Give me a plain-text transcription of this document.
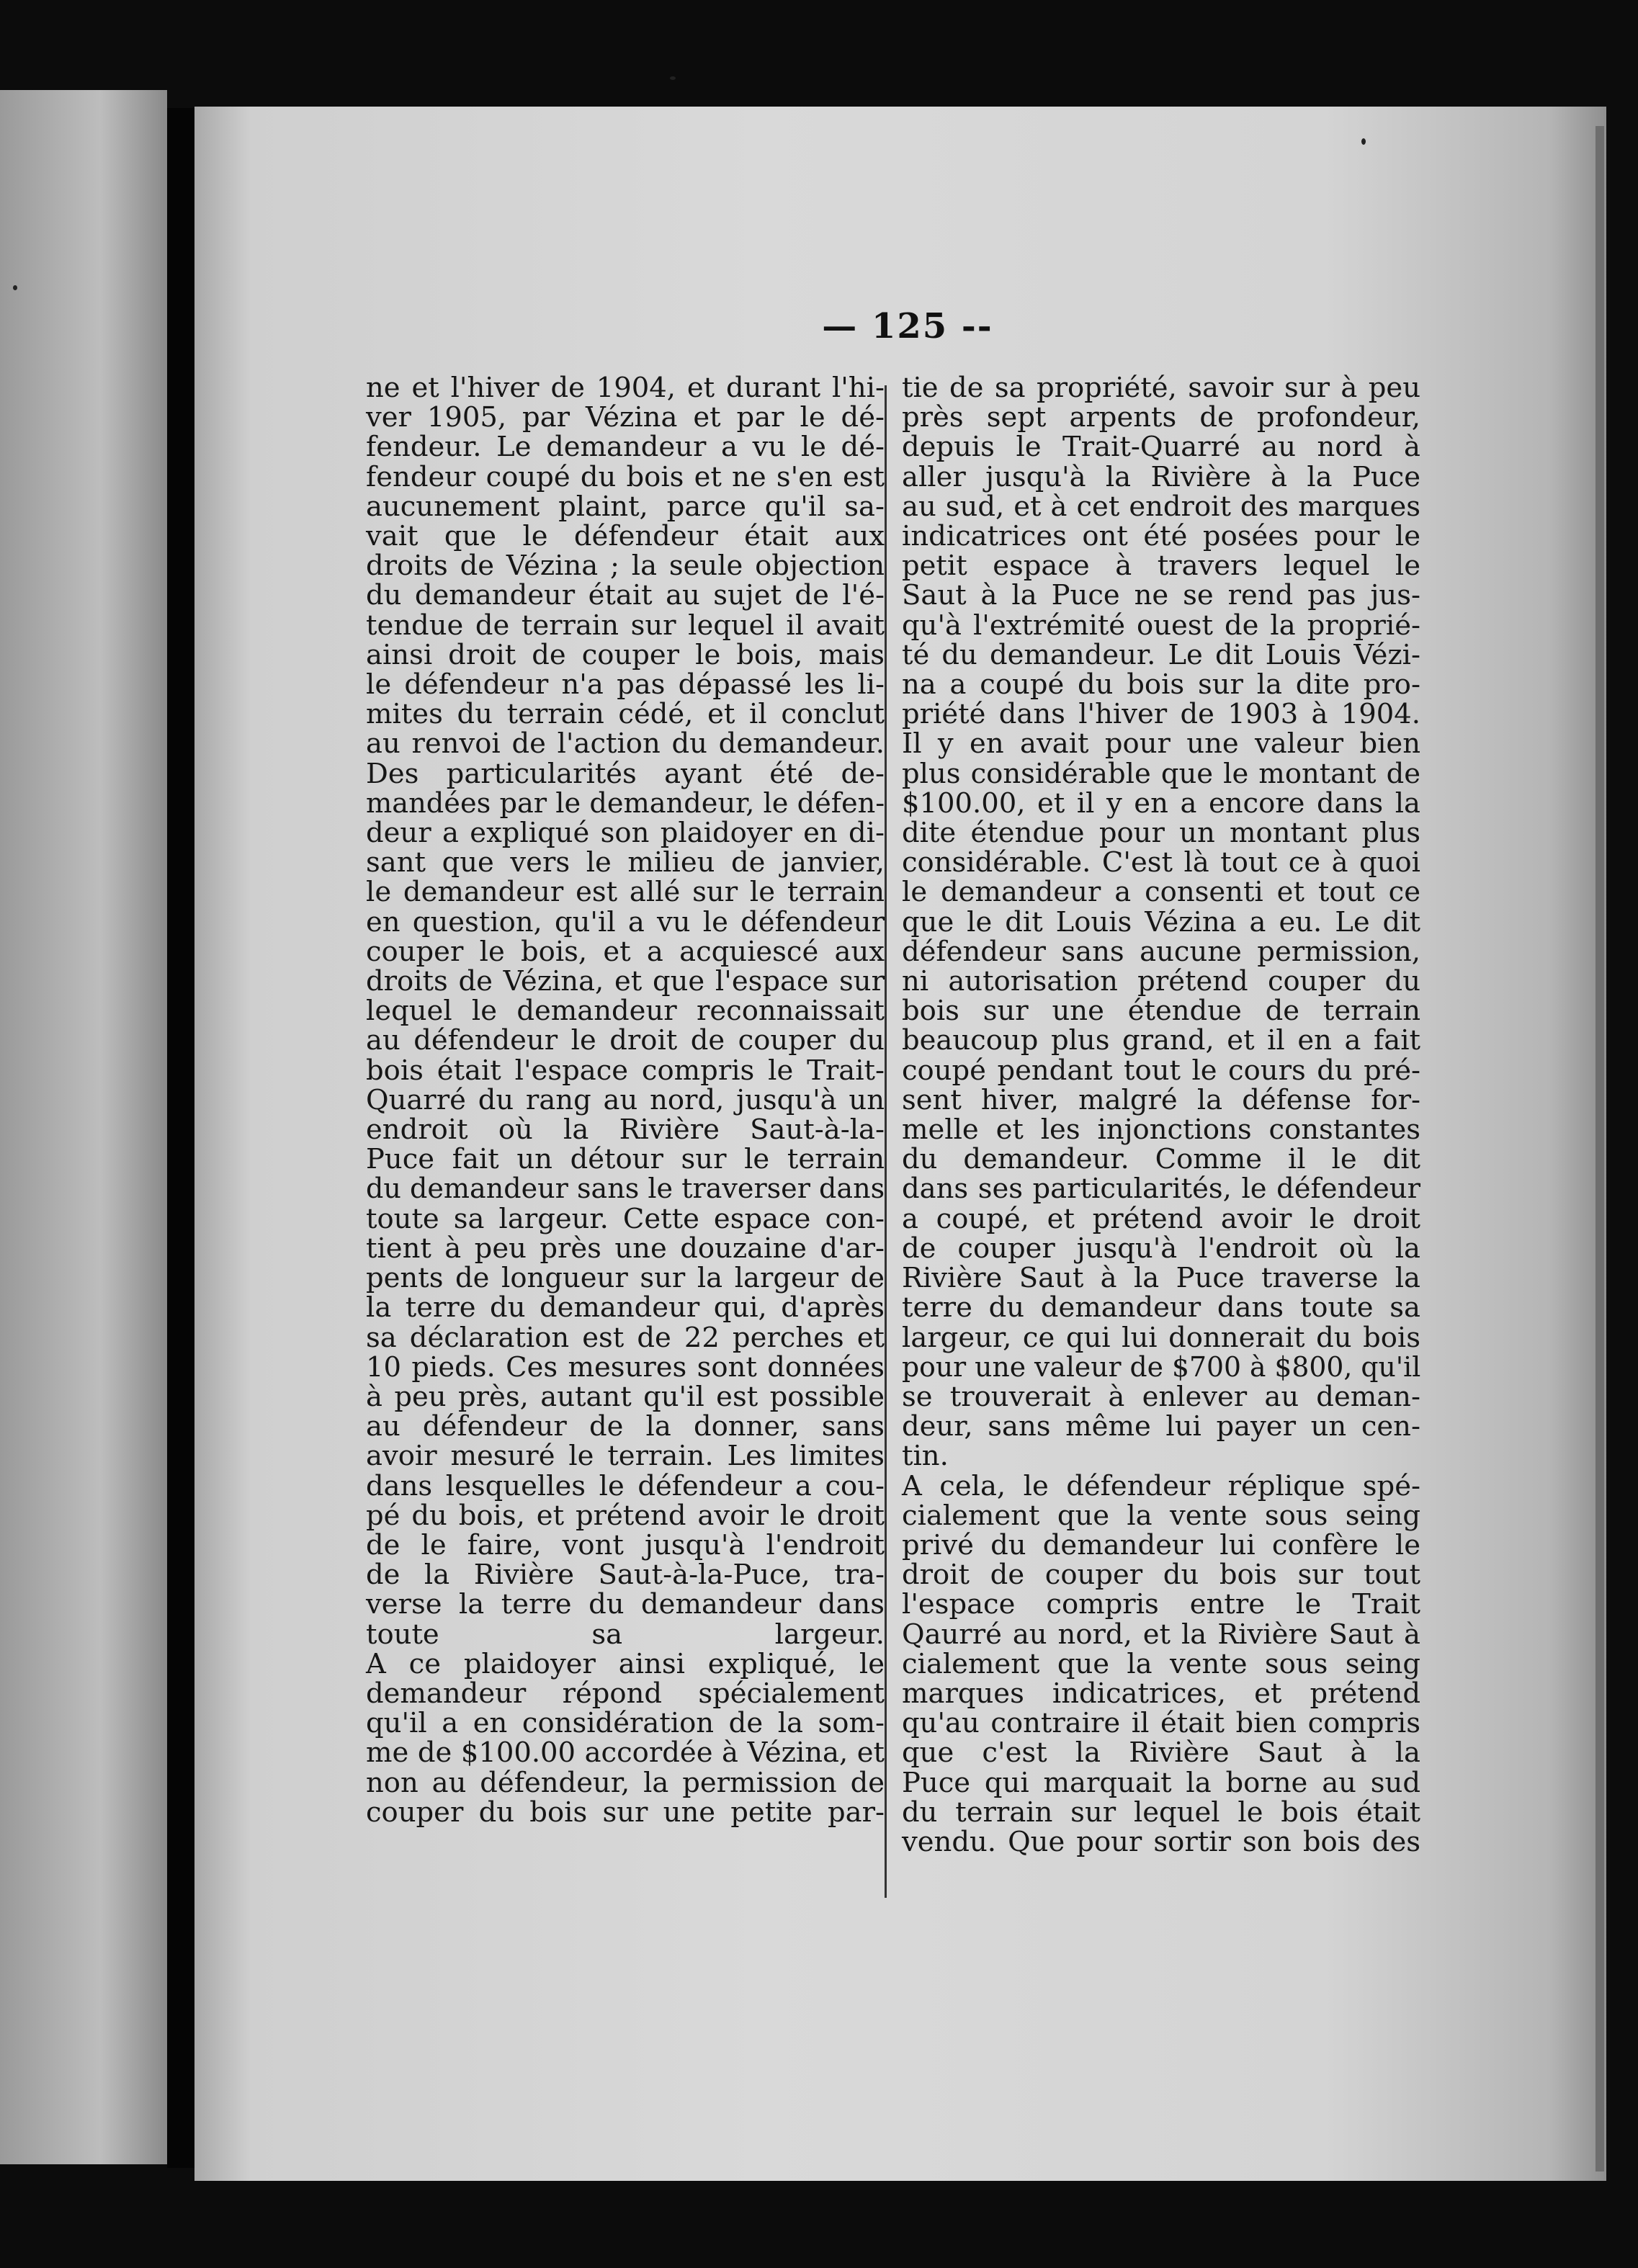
— 125 --

ne et l'hiver de 1904, et durant l'hi-
ver 1905, par Vézina et par le dé-
fendeur. Le demandeur a vu le dé-
fendeur coupé du bois et ne s'en est
aucunement plaint, parce qu'il sa-
vait que le défendeur était aux
droits de Vézina ; la seule objection
du demandeur était au sujet de l'é-
tendue de terrain sur lequel il avait
ainsi droit de couper le bois, mais
le défendeur n'a pas dépassé les li-
mites du terrain cédé, et il conclut
au renvoi de l'action du demandeur.

Des particularités ayant été de-
mandées par le demandeur, le défen-
deur a expliqué son plaidoyer en di-
sant que vers le milieu de janvier,
le demandeur est allé sur le terrain
en question, qu'il a vu le défendeur
couper le bois, et a acquiescé aux
droits de Vézina, et que l'espace sur
lequel le demandeur reconnaissait
au défendeur le droit de couper du
bois était l'espace compris le Trait-
Quarré du rang au nord, jusqu'à un
endroit où la Rivière Saut-à-la-
Puce fait un détour sur le terrain
du demandeur sans le traverser dans
toute sa largeur. Cette espace con-
tient à peu près une douzaine d'ar-
pents de longueur sur la largeur de
la terre du demandeur qui, d'après
sa déclaration est de 22 perches et
10 pieds. Ces mesures sont données
à peu près, autant qu'il est possible
au défendeur de la donner, sans
avoir mesuré le terrain. Les limites
dans lesquelles le défendeur a cou-
pé du bois, et prétend avoir le droit
de le faire, vont jusqu'à l'endroit
de la Rivière Saut-à-la-Puce, tra-
verse la terre du demandeur dans
toute sa largeur.

A ce plaidoyer ainsi expliqué, le
demandeur répond spécialement
qu'il a en considération de la som-
me de $100.00 accordée à Vézina, et
non au défendeur, la permission de
couper du bois sur une petite par-

tie de sa propriété, savoir sur à peu
près sept arpents de profondeur,
depuis le Trait-Quarré au nord à
aller jusqu'à la Rivière à la Puce
au sud, et à cet endroit des marques
indicatrices ont été posées pour le
petit espace à travers lequel le
Saut à la Puce ne se rend pas jus-
qu'à l'extrémité ouest de la proprié-
té du demandeur. Le dit Louis Vézi-
na a coupé du bois sur la dite pro-
priété dans l'hiver de 1903 à 1904.
Il y en avait pour une valeur bien
plus considérable que le montant de
$100.00, et il y en a encore dans la
dite étendue pour un montant plus
considérable. C'est là tout ce à quoi
le demandeur a consenti et tout ce
que le dit Louis Vézina a eu. Le dit
défendeur sans aucune permission,
ni autorisation prétend couper du
bois sur une étendue de terrain
beaucoup plus grand, et il en a fait
coupé pendant tout le cours du pré-
sent hiver, malgré la défense for-
melle et les injonctions constantes
du demandeur. Comme il le dit
dans ses particularités, le défendeur
a coupé, et prétend avoir le droit
de couper jusqu'à l'endroit où la
Rivière Saut à la Puce traverse la
terre du demandeur dans toute sa
largeur, ce qui lui donnerait du bois
pour une valeur de $700 à $800, qu'il
se trouverait à enlever au deman-
deur, sans même lui payer un cen-
tin.

A cela, le défendeur réplique spé-
cialement que la vente sous seing
privé du demandeur lui confère le
droit de couper du bois sur tout
l'espace compris entre le Trait
Qaurré au nord, et la Rivière Saut à
cialement que la vente sous seing
marques indicatrices, et prétend
qu'au contraire il était bien compris
que c'est la Rivière Saut à la
Puce qui marquait la borne au sud
du terrain sur lequel le bois était
vendu. Que pour sortir son bois des
